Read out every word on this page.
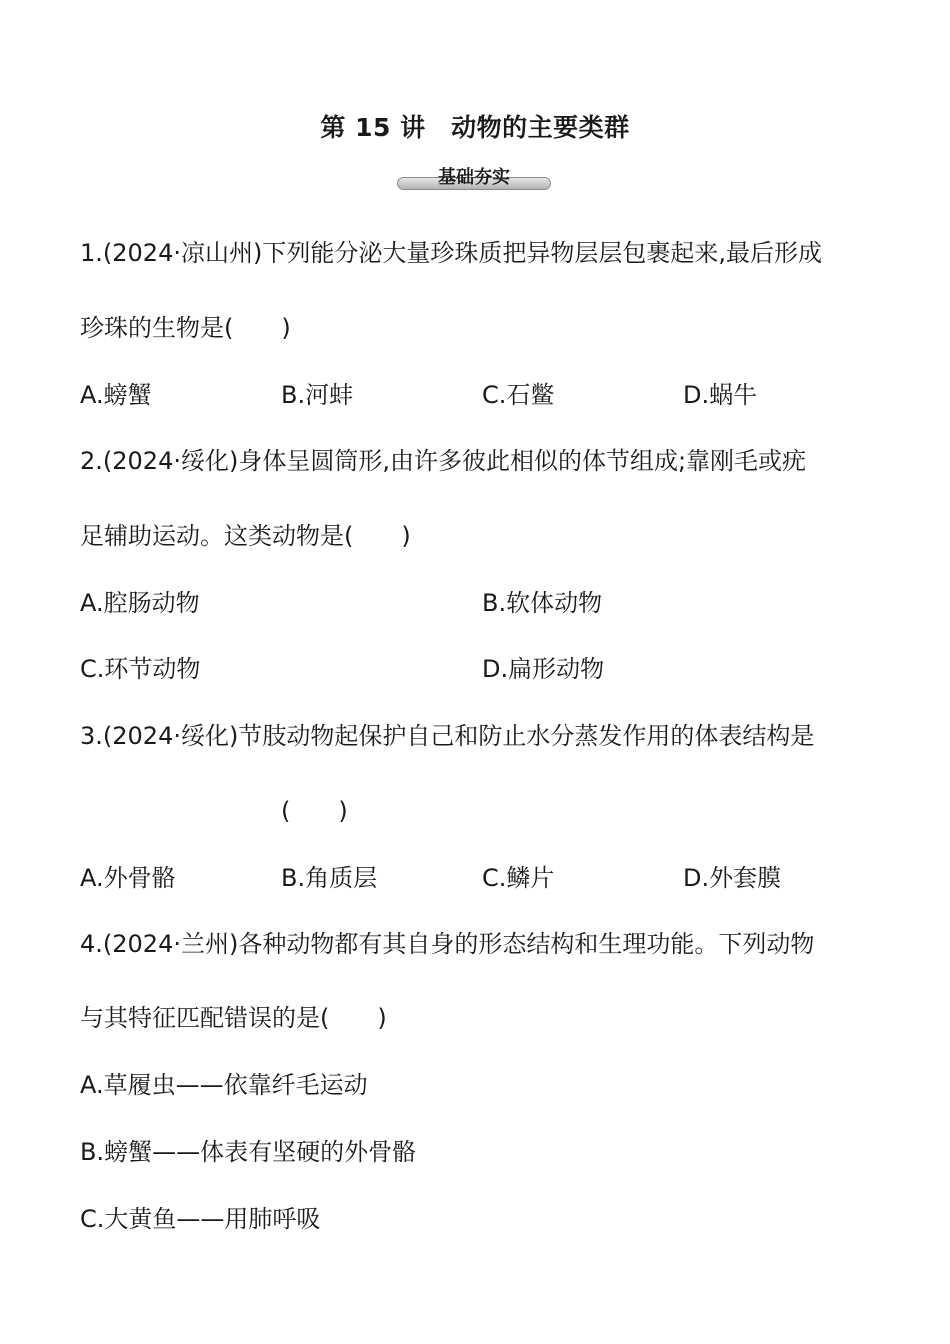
第 15 讲　动物的主要类群
基础夯实
1.(2024·凉山州)下列能分泌大量珍珠质把异物层层包裹起来,最后形成
珍珠的生物是(　　)
A.螃蟹	B.河蚌	C.石鳖	D.蜗牛
2.(2024·绥化)身体呈圆筒形,由许多彼此相似的体节组成;靠刚毛或疣
足辅助运动。这类动物是(　　)
A.腔肠动物	B.软体动物
C.环节动物	D.扁形动物
3.(2024·绥化)节肢动物起保护自己和防止水分蒸发作用的体表结构是
(　　)
A.外骨骼	B.角质层	C.鳞片	D.外套膜
4.(2024·兰州)各种动物都有其自身的形态结构和生理功能。下列动物
与其特征匹配错误的是(　　)
A.草履虫——依靠纤毛运动
B.螃蟹——体表有坚硬的外骨骼
C.大黄鱼——用肺呼吸
